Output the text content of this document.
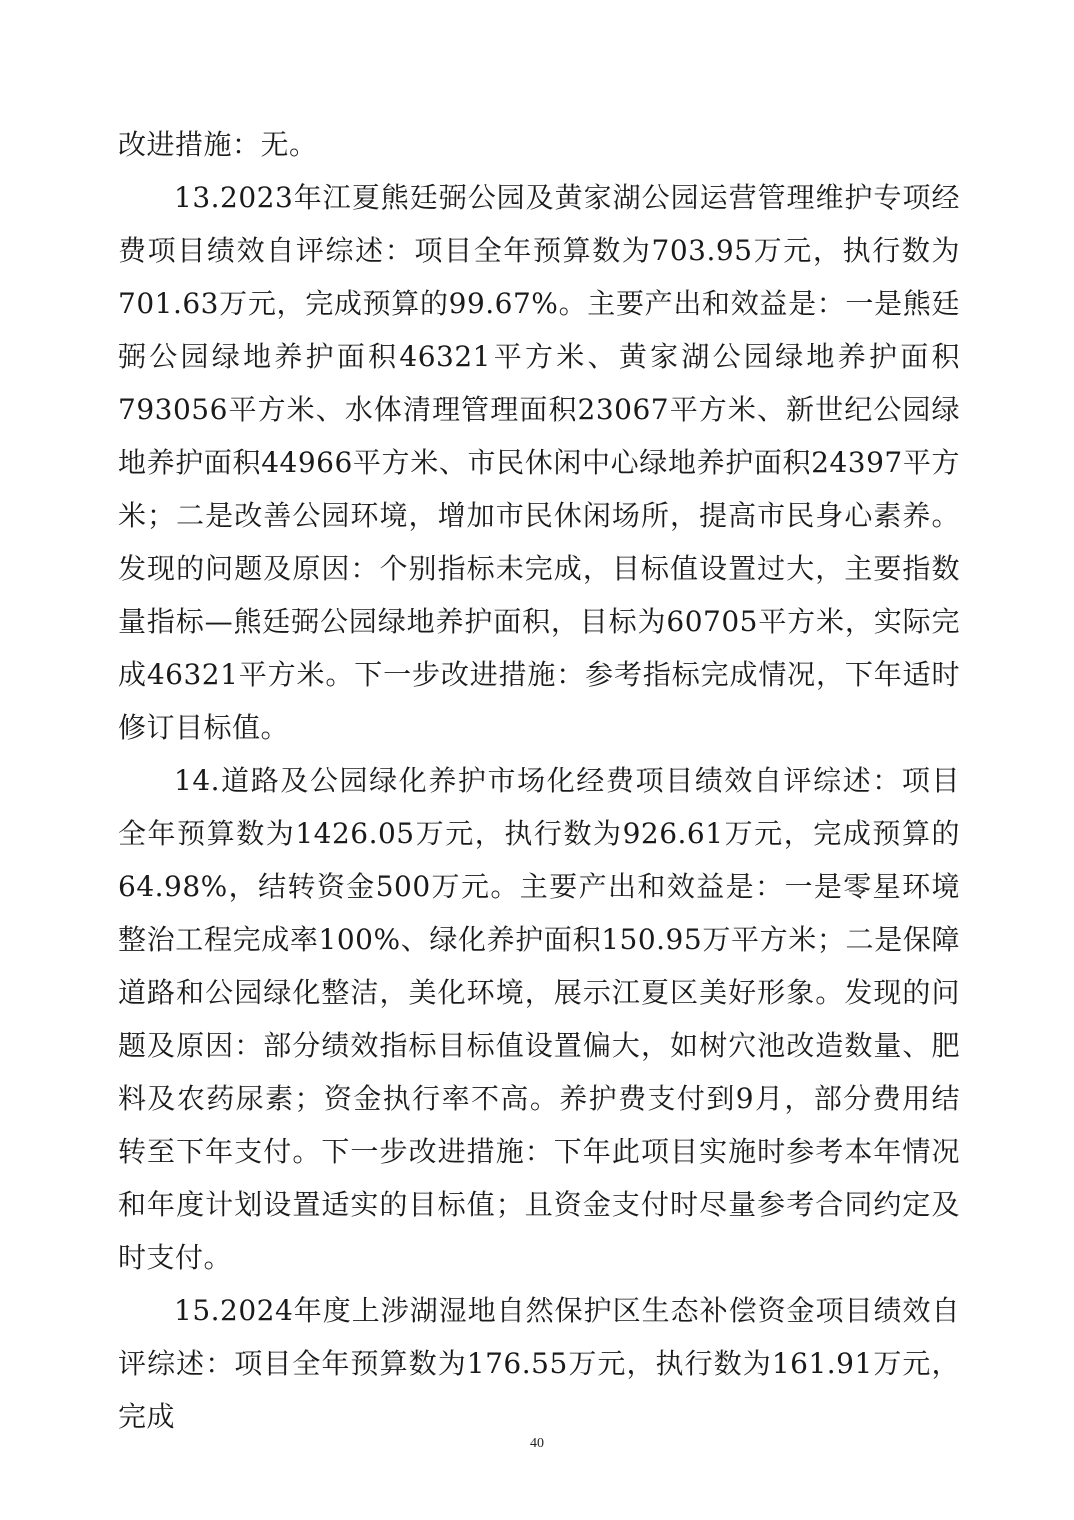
改进措施：无。

13.2023年江夏熊廷弼公园及黄家湖公园运营管理维护专项经费项目绩效自评综述：项目全年预算数为703.95万元，执行数为701.63万元，完成预算的99.67%。主要产出和效益是：一是熊廷弼公园绿地养护面积46321平方米、黄家湖公园绿地养护面积793056平方米、水体清理管理面积23067平方米、新世纪公园绿地养护面积44966平方米、市民休闲中心绿地养护面积24397平方米；二是改善公园环境，增加市民休闲场所，提高市民身心素养。发现的问题及原因：个别指标未完成，目标值设置过大，主要指数量指标—熊廷弼公园绿地养护面积，目标为60705平方米，实际完成46321平方米。下一步改进措施：参考指标完成情况，下年适时修订目标值。

14.道路及公园绿化养护市场化经费项目绩效自评综述：项目全年预算数为1426.05万元，执行数为926.61万元，完成预算的64.98%，结转资金500万元。主要产出和效益是：一是零星环境整治工程完成率100%、绿化养护面积150.95万平方米；二是保障道路和公园绿化整洁，美化环境，展示江夏区美好形象。发现的问题及原因：部分绩效指标目标值设置偏大，如树穴池改造数量、肥料及农药尿素；资金执行率不高。养护费支付到9月，部分费用结转至下年支付。下一步改进措施：下年此项目实施时参考本年情况和年度计划设置适实的目标值；且资金支付时尽量参考合同约定及时支付。

15.2024年度上涉湖湿地自然保护区生态补偿资金项目绩效自评综述：项目全年预算数为176.55万元，执行数为161.91万元，完成

40
